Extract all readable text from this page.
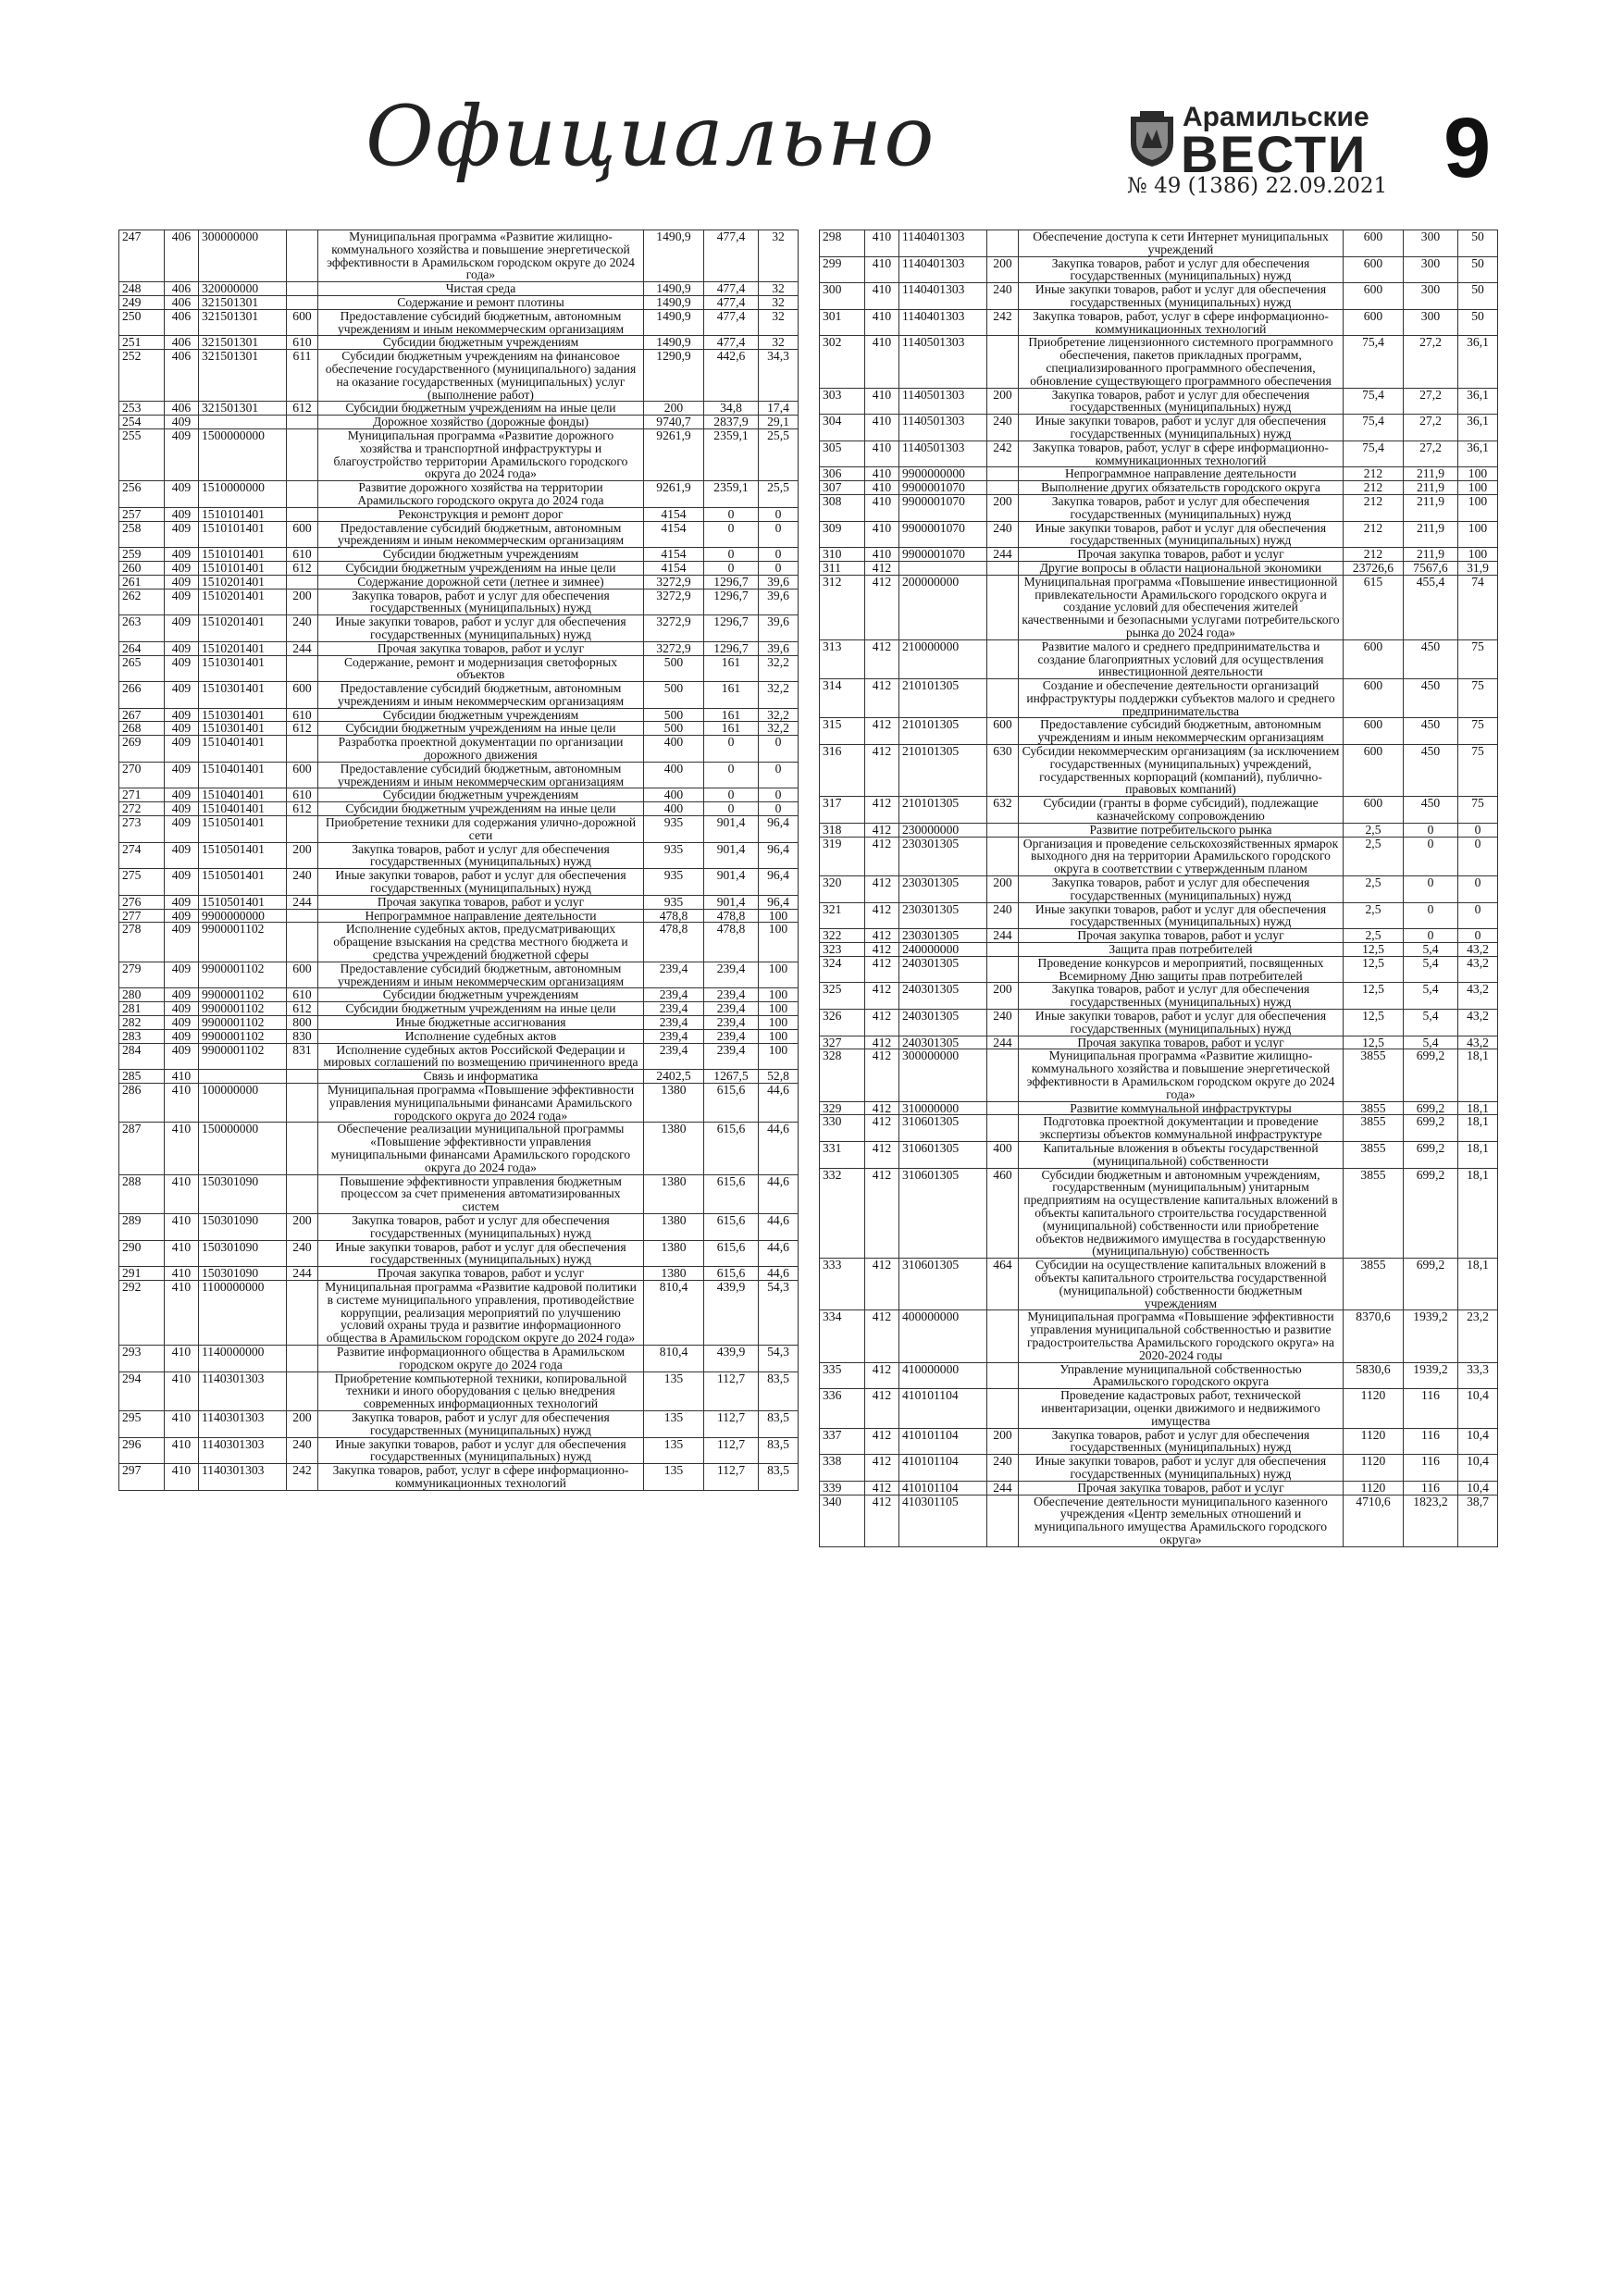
Официально	Арамильские
ВЕСТИ
№ 49 (1386) 22.09.2021 9
247	406	300000000		Муниципальная программа «Развитие жилищно-коммунального хозяйства и повышение энергетической эффективности в Арамильском городском округе до 2024 года»	1490,9	477,4	32
248	406	320000000		Чистая среда	1490,9	477,4	32
249	406	321501301		Содержание и ремонт плотины	1490,9	477,4	32
250	406	321501301	600	Предоставление субсидий бюджетным, автономным учреждениям и иным некоммерческим организациям	1490,9	477,4	32
251	406	321501301	610	Субсидии бюджетным учреждениям	1490,9	477,4	32
252	406	321501301	611	Субсидии бюджетным учреждениям на финансовое обеспечение государственного (муниципального) задания на оказание государственных (муниципальных) услуг (выполнение работ)	1290,9	442,6	34,3
253	406	321501301	612	Субсидии бюджетным учреждениям на иные цели	200	34,8	17,4
254	409			Дорожное хозяйство (дорожные фонды)	9740,7	2837,9	29,1
255	409	1500000000		Муниципальная программа «Развитие дорожного хозяйства и транспортной инфраструктуры и благоустройство территории Арамильского городского округа до 2024 года»	9261,9	2359,1	25,5
256	409	1510000000		Развитие дорожного хозяйства на территории Арамильского городского округа до 2024 года	9261,9	2359,1	25,5
257	409	1510101401		Реконструкция и ремонт дорог	4154	0	0
258	409	1510101401	600	Предоставление субсидий бюджетным, автономным учреждениям и иным некоммерческим организациям	4154	0	0
259	409	1510101401	610	Субсидии бюджетным учреждениям	4154	0	0
260	409	1510101401	612	Субсидии бюджетным учреждениям на иные цели	4154	0	0
261	409	1510201401		Содержание дорожной сети (летнее и зимнее)	3272,9	1296,7	39,6
262	409	1510201401	200	Закупка товаров, работ и услуг для обеспечения государственных (муниципальных) нужд	3272,9	1296,7	39,6
263	409	1510201401	240	Иные закупки товаров, работ и услуг для обеспечения государственных (муниципальных) нужд	3272,9	1296,7	39,6
264	409	1510201401	244	Прочая закупка товаров, работ и услуг	3272,9	1296,7	39,6
265	409	1510301401		Содержание, ремонт и модернизация светофорных объектов	500	161	32,2
266	409	1510301401	600	Предоставление субсидий бюджетным, автономным учреждениям и иным некоммерческим организациям	500	161	32,2
267	409	1510301401	610	Субсидии бюджетным учреждениям	500	161	32,2
268	409	1510301401	612	Субсидии бюджетным учреждениям на иные цели	500	161	32,2
269	409	1510401401		Разработка проектной документации по организации дорожного движения	400	0	0
270	409	1510401401	600	Предоставление субсидий бюджетным, автономным учреждениям и иным некоммерческим организациям	400	0	0
271	409	1510401401	610	Субсидии бюджетным учреждениям	400	0	0
272	409	1510401401	612	Субсидии бюджетным учреждениям на иные цели	400	0	0
273	409	1510501401		Приобретение техники для содержания улично-дорожной сети	935	901,4	96,4
274	409	1510501401	200	Закупка товаров, работ и услуг для обеспечения государственных (муниципальных) нужд	935	901,4	96,4
275	409	1510501401	240	Иные закупки товаров, работ и услуг для обеспечения государственных (муниципальных) нужд	935	901,4	96,4
276	409	1510501401	244	Прочая закупка товаров, работ и услуг	935	901,4	96,4
277	409	9900000000		Непрограммное направление деятельности	478,8	478,8	100
278	409	9900001102		Исполнение судебных актов, предусматривающих обращение взыскания на средства местного бюджета и средства учреждений бюджетной сферы	478,8	478,8	100
279	409	9900001102	600	Предоставление субсидий бюджетным, автономным учреждениям и иным некоммерческим организациям	239,4	239,4	100
280	409	9900001102	610	Субсидии бюджетным учреждениям	239,4	239,4	100
281	409	9900001102	612	Субсидии бюджетным учреждениям на иные цели	239,4	239,4	100
282	409	9900001102	800	Иные бюджетные ассигнования	239,4	239,4	100
283	409	9900001102	830	Исполнение судебных актов	239,4	239,4	100
284	409	9900001102	831	Исполнение судебных актов Российской Федерации и мировых соглашений по возмещению причиненного вреда	239,4	239,4	100
285	410			Связь и информатика	2402,5	1267,5	52,8
286	410	100000000		Муниципальная программа «Повышение эффективности управления муниципальными финансами Арамильского городского округа до 2024 года»	1380	615,6	44,6
287	410	150000000		Обеспечение реализации муниципальной программы «Повышение эффективности управления муниципальными финансами Арамильского городского округа до 2024 года»	1380	615,6	44,6
288	410	150301090		Повышение эффективности управления бюджетным процессом за счет применения автоматизированных систем	1380	615,6	44,6
289	410	150301090	200	Закупка товаров, работ и услуг для обеспечения государственных (муниципальных) нужд	1380	615,6	44,6
290	410	150301090	240	Иные закупки товаров, работ и услуг для обеспечения государственных (муниципальных) нужд	1380	615,6	44,6
291	410	150301090	244	Прочая закупка товаров, работ и услуг	1380	615,6	44,6
292	410	1100000000		Муниципальная программа «Развитие кадровой политики в системе муниципального управления, противодействие коррупции, реализация мероприятий по улучшению условий охраны труда и развитие информационного общества в Арамильском городском округе до 2024 года»	810,4	439,9	54,3
293	410	1140000000		Развитие информационного общества в Арамильском городском округе до 2024 года	810,4	439,9	54,3
294	410	1140301303		Приобретение компьютерной техники, копировальной техники и иного оборудования с целью внедрения современных информационных технологий	135	112,7	83,5
295	410	1140301303	200	Закупка товаров, работ и услуг для обеспечения государственных (муниципальных) нужд	135	112,7	83,5
296	410	1140301303	240	Иные закупки товаров, работ и услуг для обеспечения государственных (муниципальных) нужд	135	112,7	83,5
297	410	1140301303	242	Закупка товаров, работ, услуг в сфере информационно-коммуникационных технологий	135	112,7	83,5
298	410	1140401303		Обеспечение доступа к сети Интернет муниципальных учреждений	600	300	50
299	410	1140401303	200	Закупка товаров, работ и услуг для обеспечения государственных (муниципальных) нужд	600	300	50
300	410	1140401303	240	Иные закупки товаров, работ и услуг для обеспечения государственных (муниципальных) нужд	600	300	50
301	410	1140401303	242	Закупка товаров, работ, услуг в сфере информационно-коммуникационных технологий	600	300	50
302	410	1140501303		Приобретение лицензионного системного программного обеспечения, пакетов прикладных программ, специализированного программного обеспечения, обновление существующего программного обеспечения	75,4	27,2	36,1
303	410	1140501303	200	Закупка товаров, работ и услуг для обеспечения государственных (муниципальных) нужд	75,4	27,2	36,1
304	410	1140501303	240	Иные закупки товаров, работ и услуг для обеспечения государственных (муниципальных) нужд	75,4	27,2	36,1
305	410	1140501303	242	Закупка товаров, работ, услуг в сфере информационно-коммуникационных технологий	75,4	27,2	36,1
306	410	9900000000		Непрограммное направление деятельности	212	211,9	100
307	410	9900001070		Выполнение других обязательств городского округа	212	211,9	100
308	410	9900001070	200	Закупка товаров, работ и услуг для обеспечения государственных (муниципальных) нужд	212	211,9	100
309	410	9900001070	240	Иные закупки товаров, работ и услуг для обеспечения государственных (муниципальных) нужд	212	211,9	100
310	410	9900001070	244	Прочая закупка товаров, работ и услуг	212	211,9	100
311	412			Другие вопросы в области национальной экономики	23726,6	7567,6	31,9
312	412	200000000		Муниципальная программа «Повышение инвестиционной привлекательности Арамильского городского округа и создание условий для обеспечения жителей качественными и безопасными услугами потребительского рынка до 2024 года»	615	455,4	74
313	412	210000000		Развитие малого и среднего предпринимательства и создание благоприятных условий для осуществления инвестиционной деятельности	600	450	75
314	412	210101305		Создание и обеспечение деятельности организаций инфраструктуры поддержки субъектов малого и среднего предпринимательства	600	450	75
315	412	210101305	600	Предоставление субсидий бюджетным, автономным учреждениям и иным некоммерческим организациям	600	450	75
316	412	210101305	630	Субсидии некоммерческим организациям (за исключением государственных (муниципальных) учреждений, государственных корпораций (компаний), публично-правовых компаний)	600	450	75
317	412	210101305	632	Субсидии (гранты в форме субсидий), подлежащие казначейскому сопровождению	600	450	75
318	412	230000000		Развитие потребительского рынка	2,5	0	0
319	412	230301305		Организация и проведение сельскохозяйственных ярмарок выходного дня на территории Арамильского городского округа в соответствии с утвержденным планом	2,5	0	0
320	412	230301305	200	Закупка товаров, работ и услуг для обеспечения государственных (муниципальных) нужд	2,5	0	0
321	412	230301305	240	Иные закупки товаров, работ и услуг для обеспечения государственных (муниципальных) нужд	2,5	0	0
322	412	230301305	244	Прочая закупка товаров, работ и услуг	2,5	0	0
323	412	240000000		Защита прав потребителей	12,5	5,4	43,2
324	412	240301305		Проведение конкурсов и мероприятий, посвященных Всемирному Дню защиты прав потребителей	12,5	5,4	43,2
325	412	240301305	200	Закупка товаров, работ и услуг для обеспечения государственных (муниципальных) нужд	12,5	5,4	43,2
326	412	240301305	240	Иные закупки товаров, работ и услуг для обеспечения государственных (муниципальных) нужд	12,5	5,4	43,2
327	412	240301305	244	Прочая закупка товаров, работ и услуг	12,5	5,4	43,2
328	412	300000000		Муниципальная программа «Развитие жилищно-коммунального хозяйства и повышение энергетической эффективности в Арамильском городском округе до 2024 года»	3855	699,2	18,1
329	412	310000000		Развитие коммунальной инфраструктуры	3855	699,2	18,1
330	412	310601305		Подготовка проектной документации и проведение экспертизы объектов коммунальной инфраструктуре	3855	699,2	18,1
331	412	310601305	400	Капитальные вложения в объекты государственной (муниципальной) собственности	3855	699,2	18,1
332	412	310601305	460	Субсидии бюджетным и автономным учреждениям, государственным (муниципальным) унитарным предприятиям на осуществление капитальных вложений в объекты капитального строительства государственной (муниципальной) собственности или приобретение объектов недвижимого имущества в государственную (муниципальную) собственность	3855	699,2	18,1
333	412	310601305	464	Субсидии на осуществление капитальных вложений в объекты капитального строительства государственной (муниципальной) собственности бюджетным учреждениям	3855	699,2	18,1
334	412	400000000		Муниципальная программа «Повышение эффективности управления муниципальной собственностью и развитие градостроительства Арамильского городского округа» на 2020-2024 годы	8370,6	1939,2	23,2
335	412	410000000		Управление муниципальной собственностью Арамильского городского округа	5830,6	1939,2	33,3
336	412	410101104		Проведение кадастровых работ, технической инвентаризации, оценки движимого и недвижимого имущества	1120	116	10,4
337	412	410101104	200	Закупка товаров, работ и услуг для обеспечения государственных (муниципальных) нужд	1120	116	10,4
338	412	410101104	240	Иные закупки товаров, работ и услуг для обеспечения государственных (муниципальных) нужд	1120	116	10,4
339	412	410101104	244	Прочая закупка товаров, работ и услуг	1120	116	10,4
340	412	410301105		Обеспечение деятельности муниципального казенного учреждения «Центр земельных отношений и муниципального имущества Арамильского городского округа»	4710,6	1823,2	38,7
